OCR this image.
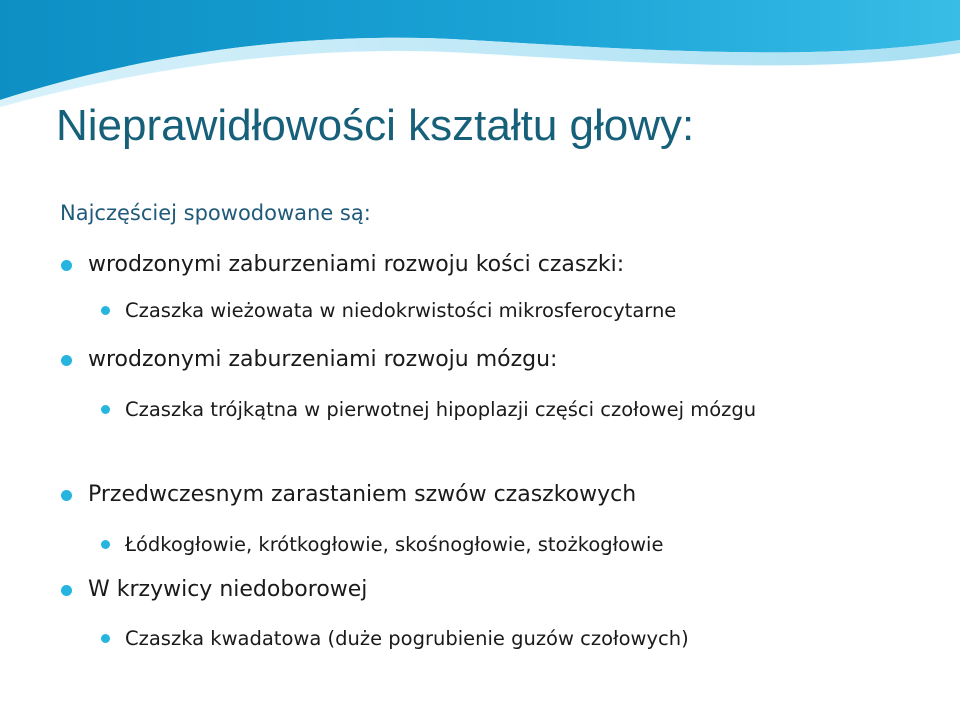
Nieprawidłowości kształtu głowy:

Najczęściej spowodowane są:

wrodzonymi zaburzeniami rozwoju kości czaszki:

Czaszka wieżowata w niedokrwistości mikrosferocytarne

wrodzonymi zaburzeniami rozwoju mózgu:

Czaszka trójkątna w pierwotnej hipoplazji części czołowej mózgu

Przedwczesnym zarastaniem szwów czaszkowych

Łódkogłowie, krótkogłowie, skośnogłowie, stożkogłowie

W krzywicy niedoborowej

Czaszka kwadatowa (duże pogrubienie guzów czołowych)
